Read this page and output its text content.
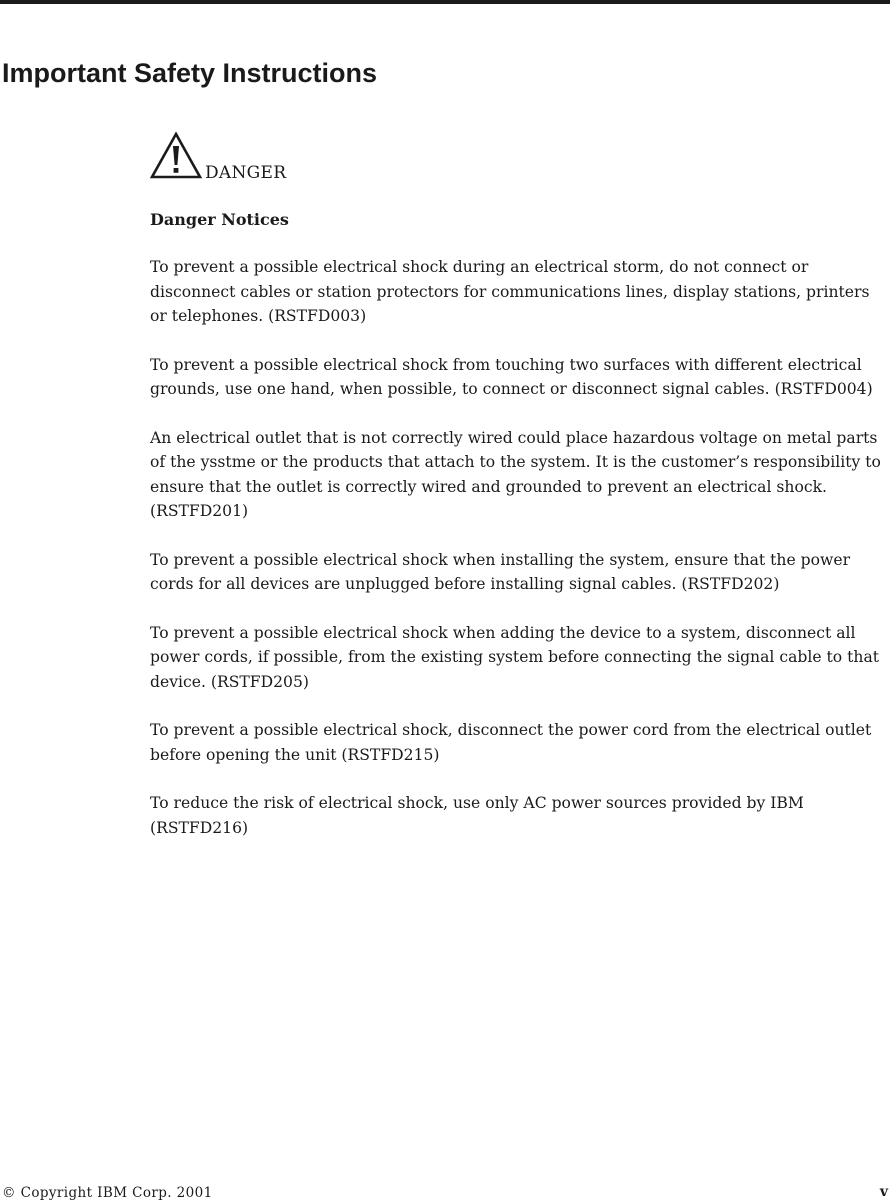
Important Safety Instructions
DANGER
Danger Notices

To prevent a possible electrical shock during an electrical storm, do not connect or disconnect cables or station protectors for communications lines, display stations, printers or telephones. (RSTFD003)

To prevent a possible electrical shock from touching two surfaces with different electrical grounds, use one hand, when possible, to connect or disconnect signal cables. (RSTFD004)

An electrical outlet that is not correctly wired could place hazardous voltage on metal parts of the ysstme or the products that attach to the system. It is the customer’s responsibility to ensure that the outlet is correctly wired and grounded to prevent an electrical shock. (RSTFD201)

To prevent a possible electrical shock when installing the system, ensure that the power cords for all devices are unplugged before installing signal cables. (RSTFD202)

To prevent a possible electrical shock when adding the device to a system, disconnect all power cords, if possible, from the existing system before connecting the signal cable to that device. (RSTFD205)

To prevent a possible electrical shock, disconnect the power cord from the electrical outlet before opening the unit (RSTFD215)

To reduce the risk of electrical shock, use only AC power sources provided by IBM (RSTFD216)

© Copyright IBM Corp. 2001	v
